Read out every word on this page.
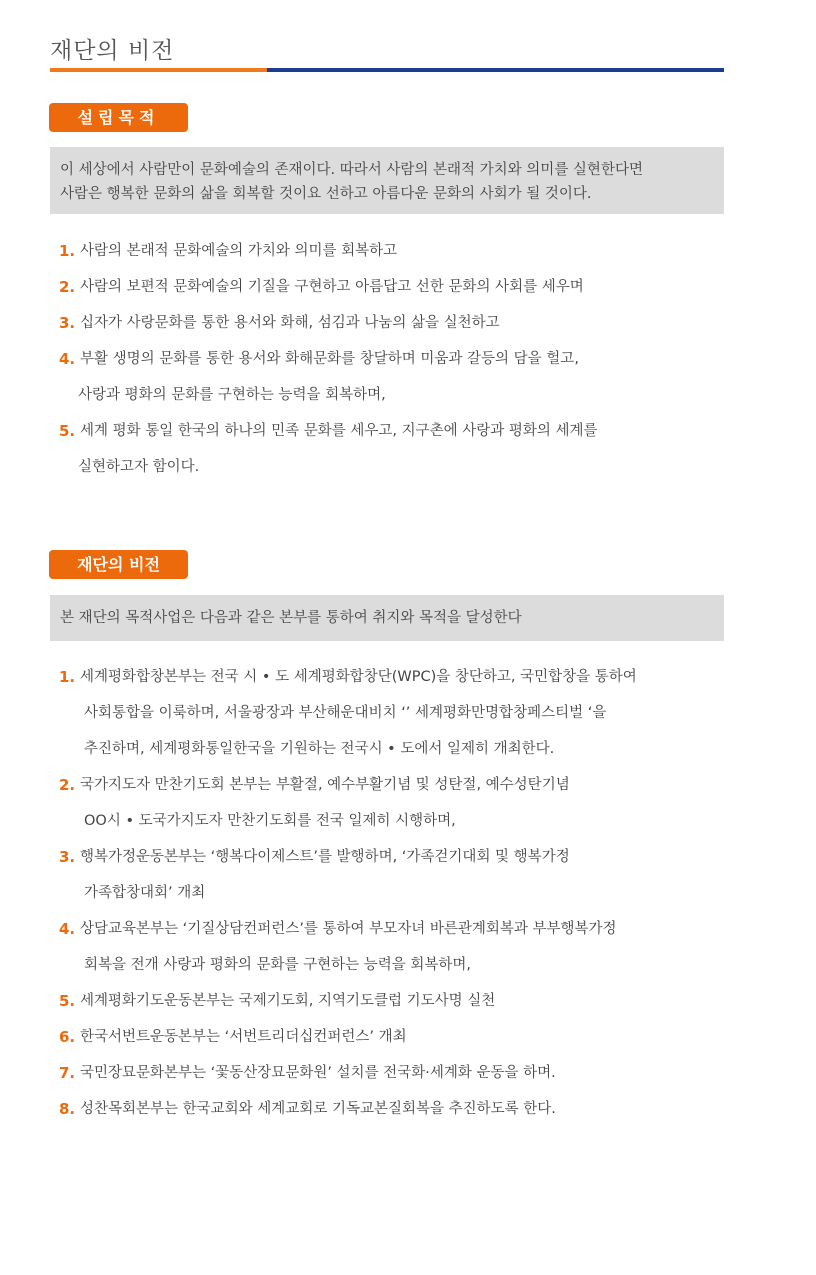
재단의 비전
설립목적
이 세상에서 사람만이 문화예술의 존재이다. 따라서 사람의 본래적 가치와 의미를 실현한다면
사람은 행복한 문화의 삶을 회복할 것이요 선하고 아름다운 문화의 사회가 될 것이다.
1. 사람의 본래적 문화예술의 가치와 의미를 회복하고
2. 사람의 보편적 문화예술의 기질을 구현하고 아름답고 선한 문화의 사회를 세우며
3. 십자가 사랑문화를 통한 용서와 화해, 섬김과 나눔의 삶을 실천하고
4. 부활 생명의 문화를 통한 용서와 화해문화를 창달하며 미움과 갈등의 담을 헐고,
사랑과 평화의 문화를 구현하는 능력을 회복하며,
5. 세계 평화 통일 한국의 하나의 민족 문화를 세우고, 지구촌에 사랑과 평화의 세계를
실현하고자 함이다.
재단의 비전
본 재단의 목적사업은 다음과 같은 본부를 통하여 취지와 목적을 달성한다
1. 세계평화합창본부는 전국 시 • 도 세계평화합창단(WPC)을 창단하고, 국민합창을 통하여
사회통합을 이룩하며, 서울광장과 부산해운대비치 ‘’ 세계평화만명합창페스티벌 ‘을
추진하며, 세계평화통일한국을 기원하는 전국시 • 도에서 일제히 개최한다.
2. 국가지도자 만찬기도회 본부는 부활절, 예수부활기념 및 성탄절, 예수성탄기념
OO시 • 도국가지도자 만찬기도회를 전국 일제히 시행하며,
3. 행복가정운동본부는 ‘행복다이제스트’를 발행하며, ‘가족걷기대회 및 행복가정
가족합창대회’ 개최
4. 상담교육본부는 ‘기질상담컨퍼런스’를 통하여 부모자녀 바른관계회복과 부부행복가정
회복을 전개 사랑과 평화의 문화를 구현하는 능력을 회복하며,
5. 세계평화기도운동본부는 국제기도회, 지역기도클럽 기도사명 실천
6. 한국서번트운동본부는 ‘서번트리더십컨퍼런스’ 개최
7. 국민장묘문화본부는 ‘꽃동산장묘문화원’ 설치를 전국화·세계화 운동을 하며.
8. 성찬목회본부는 한국교회와 세계교회로 기독교본질회복을 추진하도록 한다.
